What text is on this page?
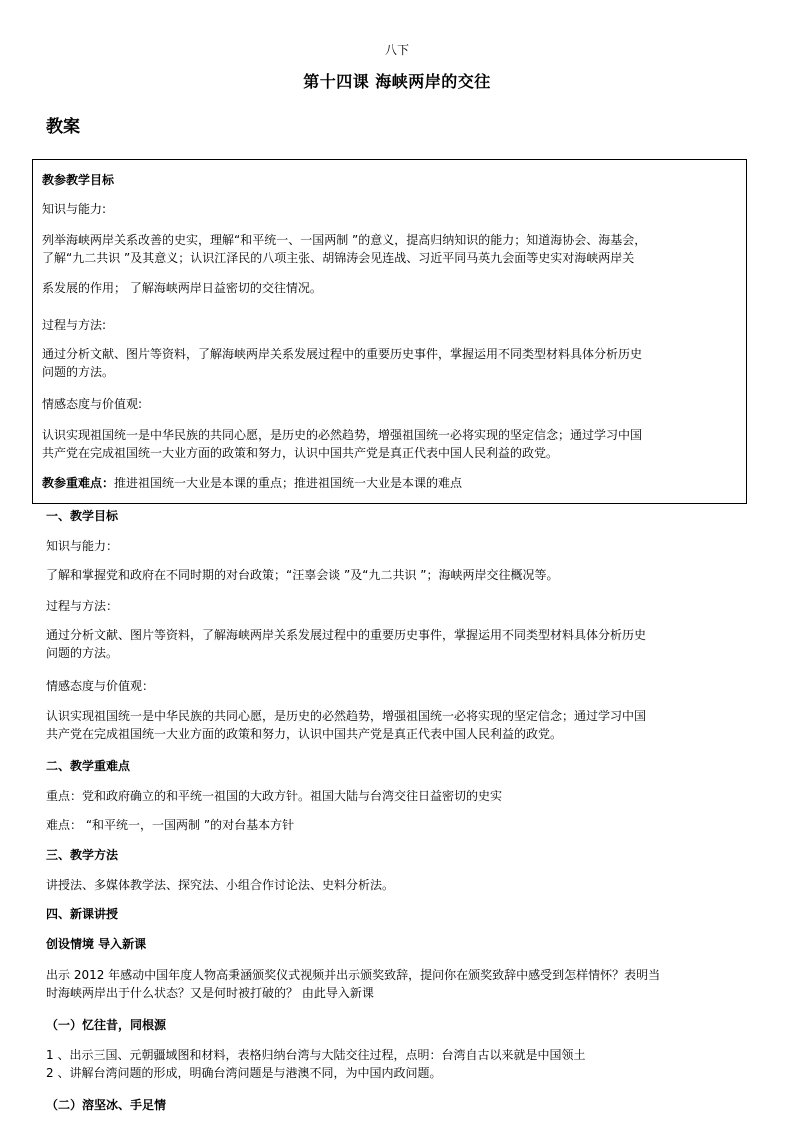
八下
第十四课 海峡两岸的交往
教案
教参教学目标
知识与能力:
列举海峡两岸关系改善的史实，理解“和平统一、一国两制 ”的意义，提高归纳知识的能力；知道海协会、海基会，
了解“九二共识 ”及其意义；认识江泽民的八项主张、胡锦涛会见连战、习近平同马英九会面等史实对海峡两岸关
系发展的作用； 了解海峡两岸日益密切的交往情况。
过程与方法:
通过分析文献、图片等资料，了解海峡两岸关系发展过程中的重要历史事件，掌握运用不同类型材料具体分析历史
问题的方法。
情感态度与价值观:
认识实现祖国统一是中华民族的共同心愿，是历史的必然趋势，增强祖国统一必将实现的坚定信念；通过学习中国
共产党在完成祖国统一大业方面的政策和努力，认识中国共产党是真正代表中国人民利益的政党。
教参重难点：推进祖国统一大业是本课的重点；推进祖国统一大业是本课的难点
一、教学目标
知识与能力：
了解和掌握党和政府在不同时期的对台政策；“汪辜会谈 ”及“九二共识 ”；海峡两岸交往概况等。
过程与方法：
通过分析文献、图片等资料，了解海峡两岸关系发展过程中的重要历史事件，掌握运用不同类型材料具体分析历史
问题的方法。
情感态度与价值观：
认识实现祖国统一是中华民族的共同心愿，是历史的必然趋势，增强祖国统一必将实现的坚定信念；通过学习中国
共产党在完成祖国统一大业方面的政策和努力，认识中国共产党是真正代表中国人民利益的政党。
二、教学重难点
重点：党和政府确立的和平统一祖国的大政方针。祖国大陆与台湾交往日益密切的史实
难点： “和平统一，一国两制 ”的对台基本方针
三、教学方法
讲授法、多媒体教学法、探究法、小组合作讨论法、史料分析法。
四、新课讲授
创设情境 导入新课
出示 2012 年感动中国年度人物高秉涵颁奖仪式视频并出示颁奖致辞，提问你在颁奖致辞中感受到怎样情怀？表明当
时海峡两岸出于什么状态？又是何时被打破的？ 由此导入新课
（一）忆往昔，同根源
1 、出示三国、元朝疆域图和材料，表格归纳台湾与大陆交往过程，点明：台湾自古以来就是中国领土
2 、讲解台湾问题的形成，明确台湾问题是与港澳不同，为中国内政问题。
（二）溶坚冰、手足情
